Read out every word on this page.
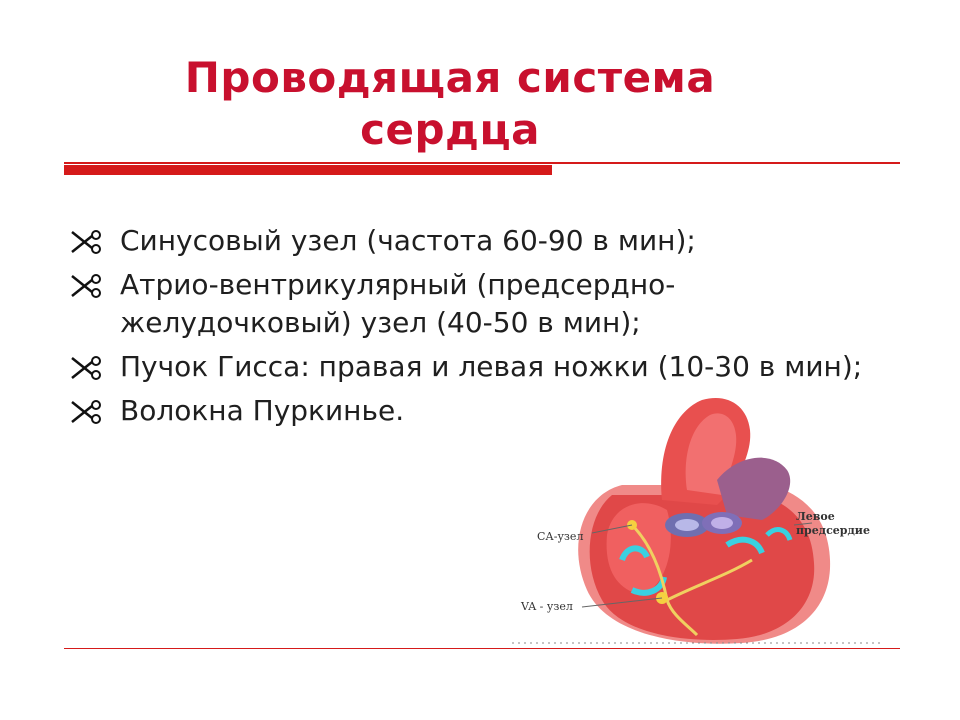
Проводящая система
сердца
Синусовый узел (частота 60-90 в мин);
Атрио-вентрикулярный (предсердно-желудочковый) узел (40-50 в мин);
Пучок Гисса: правая и левая ножки (10-30 в мин);
Волокна Пуркинье.
СА-узел
VA - узел
Левое предсердие
